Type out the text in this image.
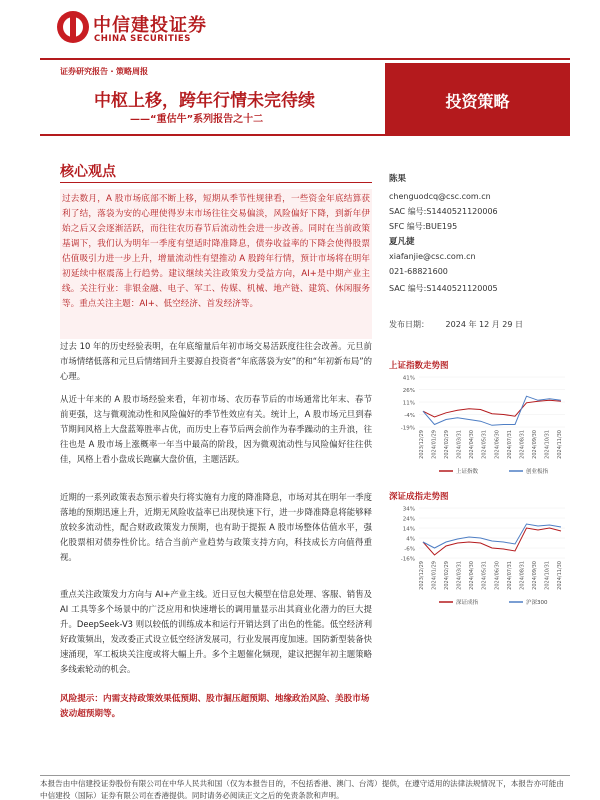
中信建投证券
CHINA SECURITIES
证券研究报告・策略周报
中枢上移，跨年行情未完待续
——“重估牛”系列报告之十二
投资策略
核心观点
过去数月，A 股市场底部不断上移，短期从季节性规律看，一些资金年底结算获利了结，落袋为安的心理使得岁末市场往往交易偏淡，风险偏好下降，到新年伊始之后又会逐渐活跃，而往往农历春节后流动性会进一步改善。同时在当前政策基调下，我们认为明年一季度有望适时降准降息，债券收益率的下降会使得股票估值吸引力进一步上升，增量流动性有望推动 A 股跨年行情，预计市场将在明年初延续中枢震荡上行趋势。建议继续关注政策发力受益方向，AI+是中期产业主线。关注行业：非银金融、电子、军工、传媒、机械、地产链、建筑、休闲服务等。重点关注主题：AI+、低空经济、首发经济等。
过去 10 年的历史经验表明，在年底缩量后年初市场交易活跃度往往会改善。元旦前市场情绪低落和元旦后情绪回升主要源自投资者“年底落袋为安”的和“年初新布局”的心理。
从近十年来的 A 股市场经验来看，年初市场、农历春节后的市场通常比年末、春节前更强，这与微观流动性和风险偏好的季节性效应有关。统计上，A 股市场元旦到春节期间风格上大盘蓝筹胜率占优，而历史上春节后两会前作为春季躁动的主升浪，往往也是 A 股市场上涨概率一年当中最高的阶段，因为微观流动性与风险偏好往往供佳，风格上看小盘成长跑赢大盘价值，主题活跃。
近期的一系列政策表态预示着央行将实施有力度的降准降息，市场对其在明年一季度落地的预期迅速上升，近期无风险收益率已出现快速下行，进一步降准降息将能够释放较多流动性，配合财政政策发力预期，也有助于提振 A 股市场整体估值水平，强化股票相对债券性价比。结合当前产业趋势与政策支持方向，科技成长方向值得重视。
重点关注政策发力方向与 AI+产业主线。近日豆包大模型在信息处理、客服、销售及 AI 工具等多个场景中的广泛应用和快速增长的调用量显示出其商业化潜力的巨大提升。DeepSeek-V3 则以较低的训练成本和运行开销达到了出色的性能。低空经济利好政策频出，发改委正式设立低空经济发展司，行业发展再度加速。国防新型装备快速涌现，军工板块关注度或将大幅上升。多个主题催化频现，建议把握年初主题策略多线索轮动的机会。
风险提示：内需支持政策效果低预期、股市掘压超预期、地缘政治风险、美股市场波动超预期等。
陈果
chenguodcq@csc.com.cn
SAC 编号:S1440521120006
SFC 编号:BUE195
夏凡捷
xiafanjie@csc.com.cn
021-68821600
SAC 编号:S1440521120005
发布日期： 2024 年 12 月 29 日
上证指数走势图
41%
26%
11%
-4%
-19%
2023/12/29 2024/01/29 2024/02/29 2024/03/31 2024/04/30 2024/05/31 2024/06/30 2024/07/31 2024/08/31 2024/09/30 2024/10/31 2024/11/30
上证指数	创业板指
深证成指走势图
34%
24%
14%
4%
-6%
-16%
2023/12/29 2024/01/29 2024/02/29 2024/03/31 2024/04/30 2024/05/31 2024/06/30 2024/07/31 2024/08/31 2024/09/30 2024/10/31 2024/11/30
深证成指	沪深300
本报告由中信建投证券股份有限公司在中华人民共和国（仅为本报告目的，不包括香港、澳门、台湾）提供，在遵守适用的法律法规情况下，本报告亦可能由中信建投（国际）证券有限公司在香港提供。同时请务必阅读正文之后的免责条款和声明。
